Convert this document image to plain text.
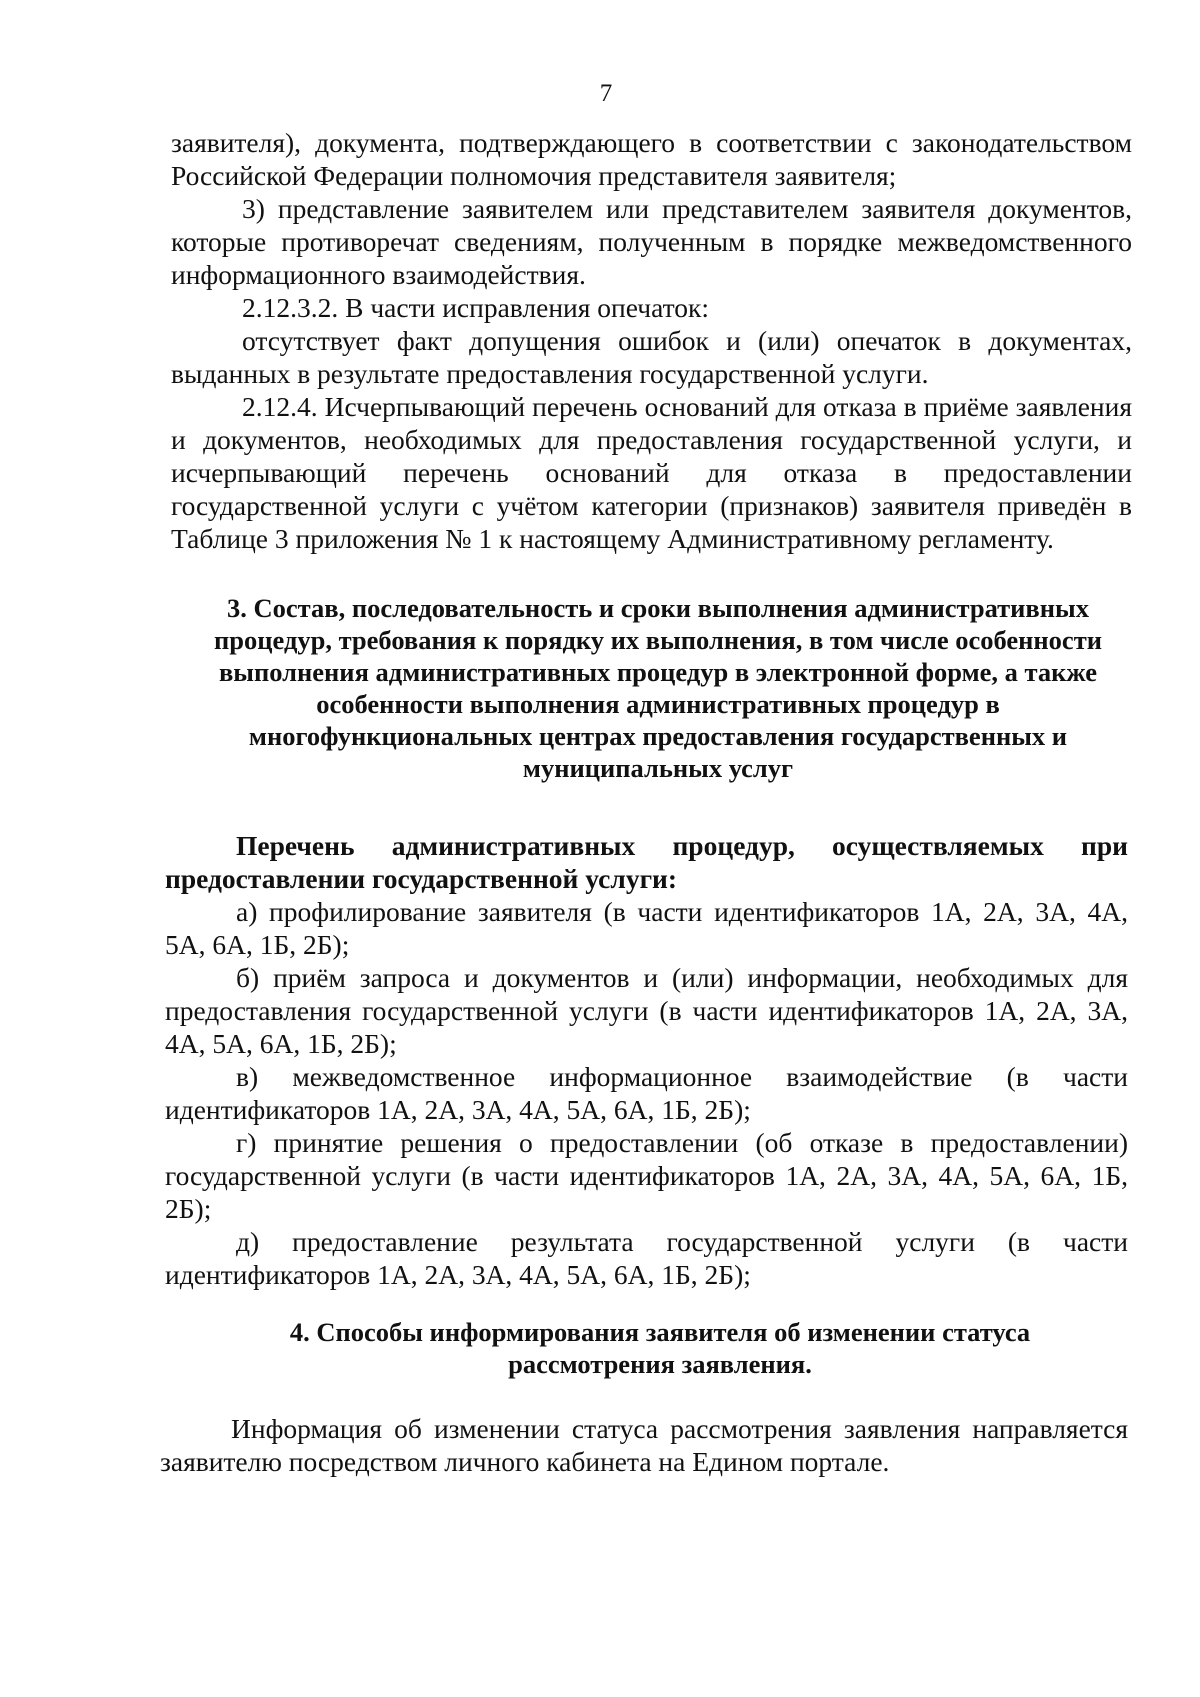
7

заявителя), документа, подтверждающего в соответствии с законодательством Российской Федерации полномочия представителя заявителя;

3) представление заявителем или представителем заявителя документов, которые противоречат сведениям, полученным в порядке межведомственного информационного взаимодействия.

2.12.3.2. В части исправления опечаток:

отсутствует факт допущения ошибок и (или) опечаток в документах, выданных в результате предоставления государственной услуги.

2.12.4. Исчерпывающий перечень оснований для отказа в приёме заявления и документов, необходимых для предоставления государственной услуги, и исчерпывающий перечень оснований для отказа в предоставлении государственной услуги с учётом категории (признаков) заявителя приведён в Таблице 3 приложения № 1 к настоящему Административному регламенту.

3. Состав, последовательность и сроки выполнения административных процедур, требования к порядку их выполнения, в том числе особенности выполнения административных процедур в электронной форме, а также особенности выполнения административных процедур в многофункциональных центрах предоставления государственных и муниципальных услуг

Перечень административных процедур, осуществляемых при предоставлении государственной услуги:

а) профилирование заявителя (в части идентификаторов 1А, 2А, 3А, 4А, 5А, 6А, 1Б, 2Б);

б) приём запроса и документов и (или) информации, необходимых для предоставления государственной услуги (в части идентификаторов 1А, 2А, 3А, 4А, 5А, 6А, 1Б, 2Б);

в) межведомственное информационное взаимодействие (в части идентификаторов 1А, 2А, 3А, 4А, 5А, 6А, 1Б, 2Б);

г) принятие решения о предоставлении (об отказе в предоставлении) государственной услуги (в части идентификаторов 1А, 2А, 3А, 4А, 5А, 6А, 1Б, 2Б);

д) предоставление результата государственной услуги (в части идентификаторов 1А, 2А, 3А, 4А, 5А, 6А, 1Б, 2Б);

4. Способы информирования заявителя об изменении статуса

рассмотрения заявления.

Информация об изменении статуса рассмотрения заявления направляется заявителю посредством личного кабинета на Едином портале.
